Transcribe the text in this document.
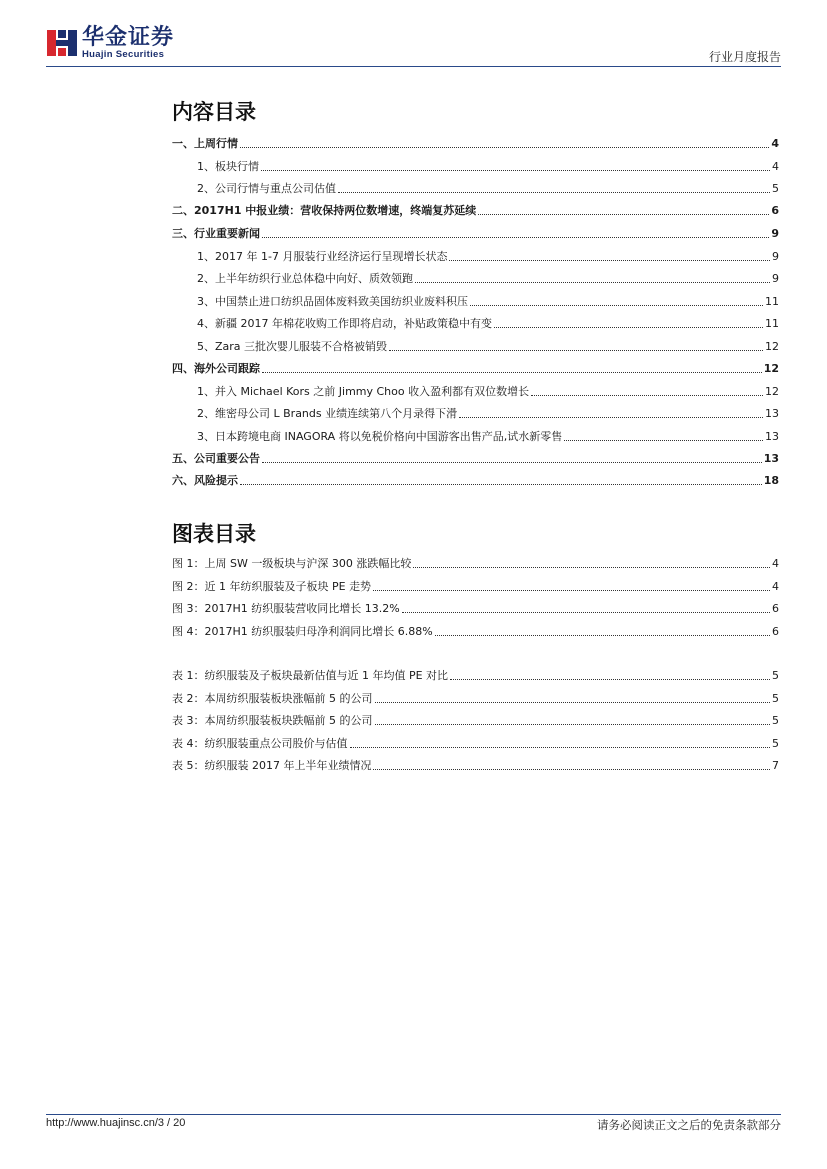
华金证券
Huajin Securities	行业月度报告
内容目录
一、上周行情	4
1、板块行情	4
2、公司行情与重点公司估值	5
二、2017H1 中报业绩：营收保持两位数增速，终端复苏延续	6
三、行业重要新闻	9
1、2017 年 1-7 月服装行业经济运行呈现增长状态	9
2、上半年纺织行业总体稳中向好、质效领跑	9
3、中国禁止进口纺织品固体废料致美国纺织业废料积压	11
4、新疆 2017 年棉花收购工作即将启动，补贴政策稳中有变	11
5、Zara 三批次婴儿服装不合格被销毁	12
四、海外公司跟踪	12
1、并入 Michael Kors 之前 Jimmy Choo 收入盈利都有双位数增长	12
2、维密母公司 L Brands 业绩连续第八个月录得下滑	13
3、日本跨境电商 INAGORA 将以免税价格向中国游客出售产品,试水新零售	13
五、公司重要公告	13
六、风险提示	18
图表目录
图 1：上周 SW 一级板块与沪深 300 涨跌幅比较	4
图 2：近 1 年纺织服装及子板块 PE 走势	4
图 3：2017H1 纺织服装营收同比增长 13.2%	6
图 4：2017H1 纺织服装归母净利润同比增长 6.88%	6
表 1：纺织服装及子板块最新估值与近 1 年均值 PE 对比	5
表 2：本周纺织服装板块涨幅前 5 的公司	5
表 3：本周纺织服装板块跌幅前 5 的公司	5
表 4：纺织服装重点公司股价与估值	5
表 5：纺织服装 2017 年上半年业绩情况	7
http://www.huajinsc.cn/3 / 20	请务必阅读正文之后的免责条款部分
